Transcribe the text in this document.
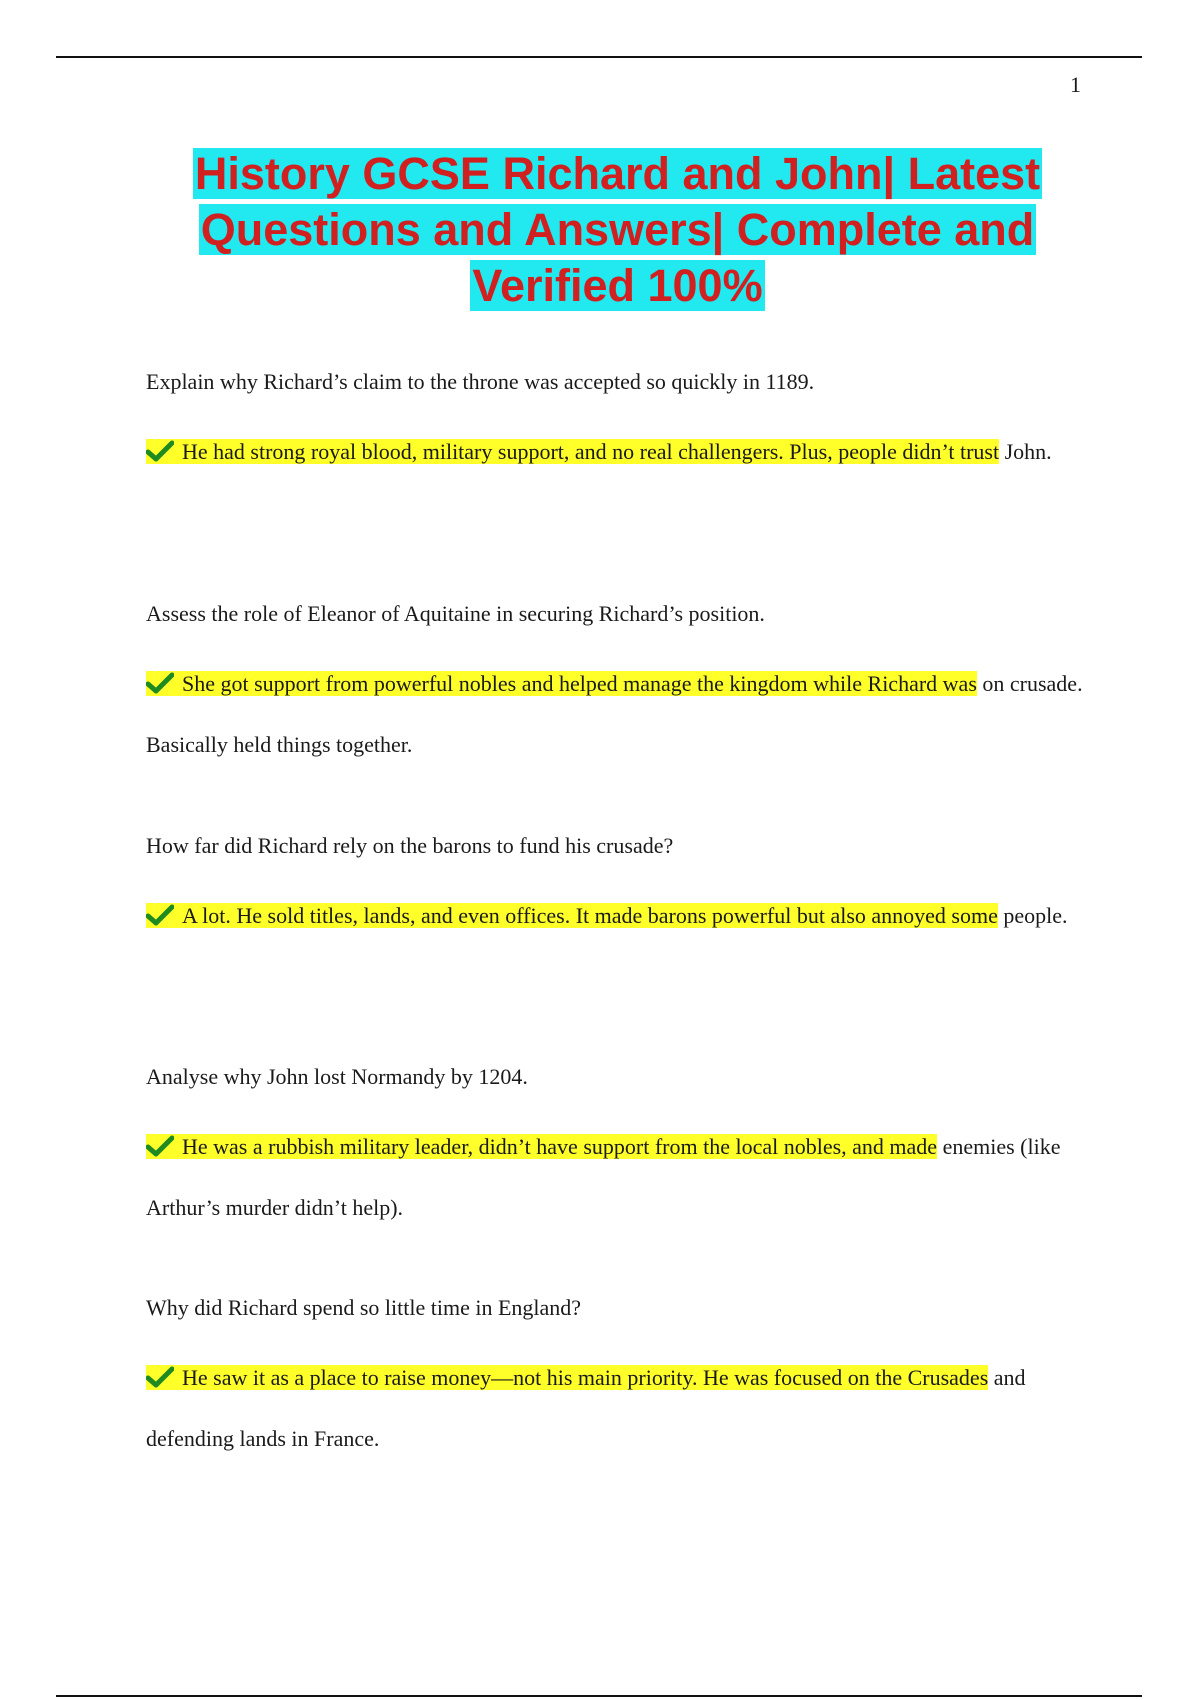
1
History GCSE Richard and John| Latest
Questions and Answers| Complete and
Verified 100%
Explain why Richard’s claim to the throne was accepted so quickly in 1189.
He had strong royal blood, military support, and no real challengers. Plus, people didn’t trust John.
Assess the role of Eleanor of Aquitaine in securing Richard’s position.
She got support from powerful nobles and helped manage the kingdom while Richard was on crusade. Basically held things together.
How far did Richard rely on the barons to fund his crusade?
A lot. He sold titles, lands, and even offices. It made barons powerful but also annoyed some people.
Analyse why John lost Normandy by 1204.
He was a rubbish military leader, didn’t have support from the local nobles, and made enemies (like Arthur’s murder didn’t help).
Why did Richard spend so little time in England?
He saw it as a place to raise money—not his main priority. He was focused on the Crusades and defending lands in France.
